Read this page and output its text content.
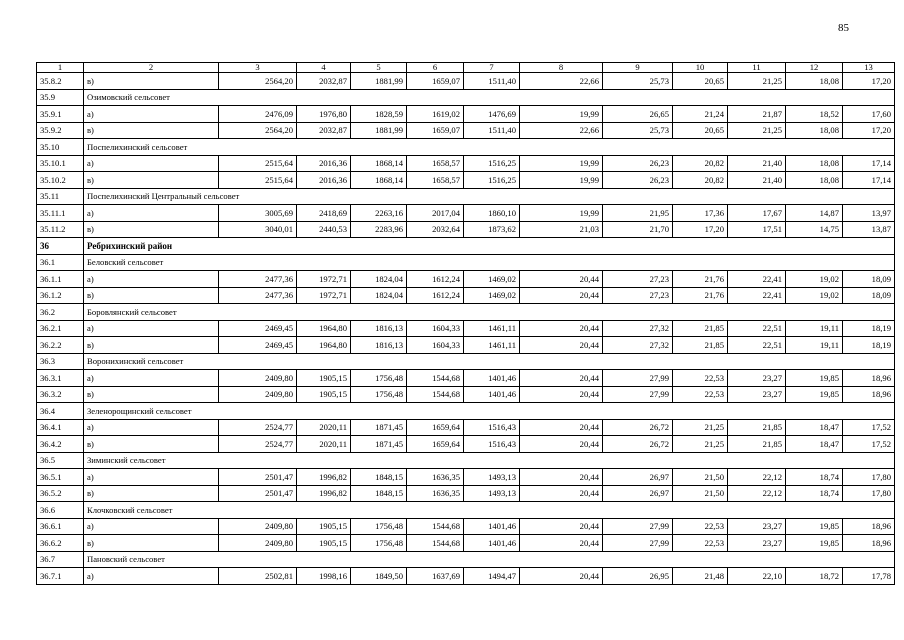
85
1	2	3	4	5	6	7	8	9	10	11	12	13
35.8.2	в)	2564,20	2032,87	1881,99	1659,07	1511,40	22,66	25,73	20,65	21,25	18,08	17,20
35.9	Озимовский сельсовет											
35.9.1	а)	2476,09	1976,80	1828,59	1619,02	1476,69	19,99	26,65	21,24	21,87	18,52	17,60
35.9.2	в)	2564,20	2032,87	1881,99	1659,07	1511,40	22,66	25,73	20,65	21,25	18,08	17,20
35.10	Поспелихинский сельсовет											
35.10.1	а)	2515,64	2016,36	1868,14	1658,57	1516,25	19,99	26,23	20,82	21,40	18,08	17,14
35.10.2	в)	2515,64	2016,36	1868,14	1658,57	1516,25	19,99	26,23	20,82	21,40	18,08	17,14
35.11	Поспелихинский Центральный сельсовет											
35.11.1	а)	3005,69	2418,69	2263,16	2017,04	1860,10	19,99	21,95	17,36	17,67	14,87	13,97
35.11.2	в)	3040,01	2440,53	2283,96	2032,64	1873,62	21,03	21,70	17,20	17,51	14,75	13,87
36	Ребрихинский район											
36.1	Беловский сельсовет											
36.1.1	а)	2477,36	1972,71	1824,04	1612,24	1469,02	20,44	27,23	21,76	22,41	19,02	18,09
36.1.2	в)	2477,36	1972,71	1824,04	1612,24	1469,02	20,44	27,23	21,76	22,41	19,02	18,09
36.2	Боровлянский сельсовет											
36.2.1	а)	2469,45	1964,80	1816,13	1604,33	1461,11	20,44	27,32	21,85	22,51	19,11	18,19
36.2.2	в)	2469,45	1964,80	1816,13	1604,33	1461,11	20,44	27,32	21,85	22,51	19,11	18,19
36.3	Воронихинский сельсовет											
36.3.1	а)	2409,80	1905,15	1756,48	1544,68	1401,46	20,44	27,99	22,53	23,27	19,85	18,96
36.3.2	в)	2409,80	1905,15	1756,48	1544,68	1401,46	20,44	27,99	22,53	23,27	19,85	18,96
36.4	Зеленорощинский сельсовет											
36.4.1	а)	2524,77	2020,11	1871,45	1659,64	1516,43	20,44	26,72	21,25	21,85	18,47	17,52
36.4.2	в)	2524,77	2020,11	1871,45	1659,64	1516,43	20,44	26,72	21,25	21,85	18,47	17,52
36.5	Зиминский сельсовет											
36.5.1	а)	2501,47	1996,82	1848,15	1636,35	1493,13	20,44	26,97	21,50	22,12	18,74	17,80
36.5.2	в)	2501,47	1996,82	1848,15	1636,35	1493,13	20,44	26,97	21,50	22,12	18,74	17,80
36.6	Клочковский сельсовет											
36.6.1	а)	2409,80	1905,15	1756,48	1544,68	1401,46	20,44	27,99	22,53	23,27	19,85	18,96
36.6.2	в)	2409,80	1905,15	1756,48	1544,68	1401,46	20,44	27,99	22,53	23,27	19,85	18,96
36.7	Пановский сельсовет											
36.7.1	а)	2502,81	1998,16	1849,50	1637,69	1494,47	20,44	26,95	21,48	22,10	18,72	17,78
